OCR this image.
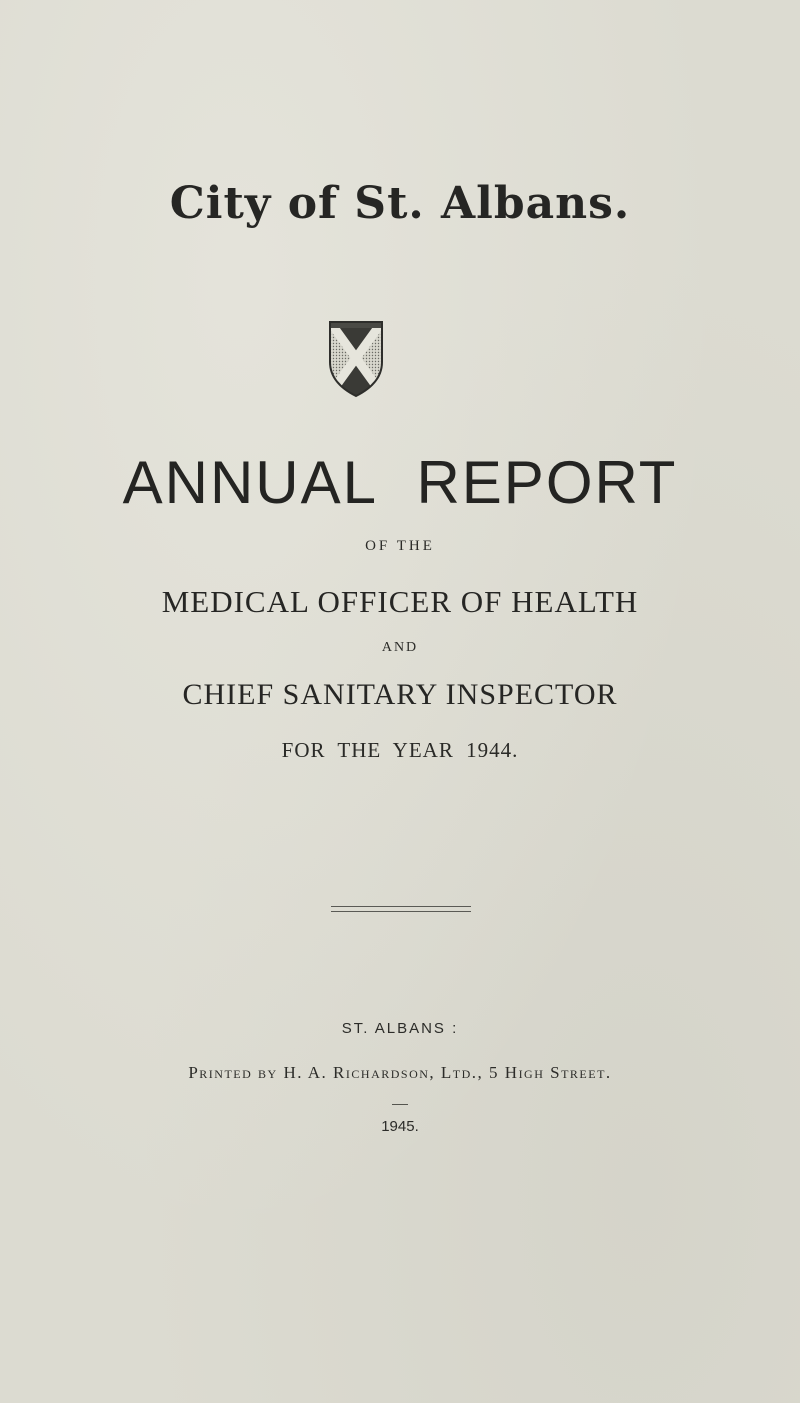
City of St. Albans.
ANNUAL REPORT
OF THE
MEDICAL OFFICER OF HEALTH
AND
CHIEF SANITARY INSPECTOR
FOR THE YEAR 1944.
ST. ALBANS :
Printed by H. A. Richardson, Ltd., 5 High Street.
1945.
